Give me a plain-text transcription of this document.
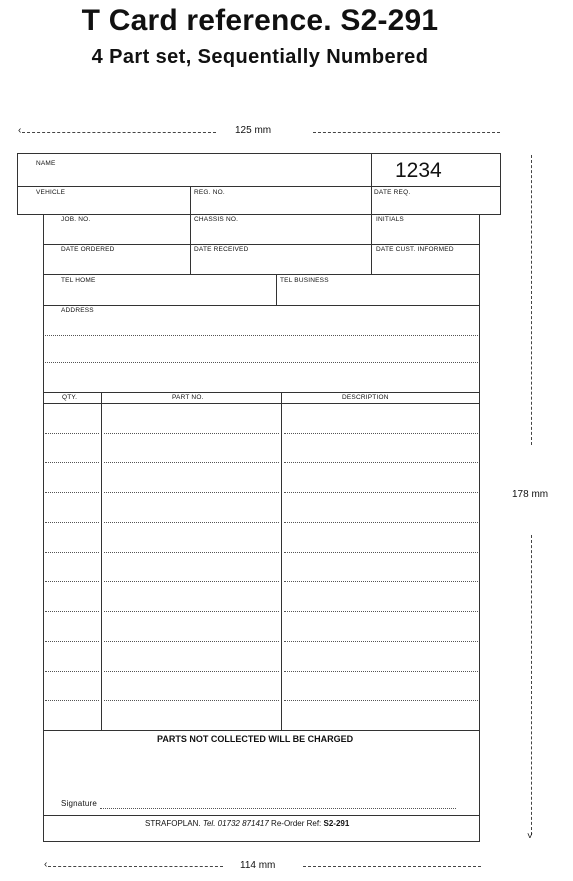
T Card reference. S2-291
4 Part set, Sequentially Numbered
‹	125 mm
NAME	1234
VEHICLE	REG. NO.	DATE REQ.
JOB. NO.	CHASSIS NO.	INITIALS
DATE ORDERED	DATE RECEIVED	DATE CUST. INFORMED
TEL HOME	TEL BUSINESS
ADDRESS
QTY.	PART NO.	DESCRIPTION
PARTS NOT COLLECTED WILL BE CHARGED
Signature
STRAFOPLAN. Tel. 01732 871417 Re-Order Ref: S2-291
178 mm
˅
‹	114 mm
